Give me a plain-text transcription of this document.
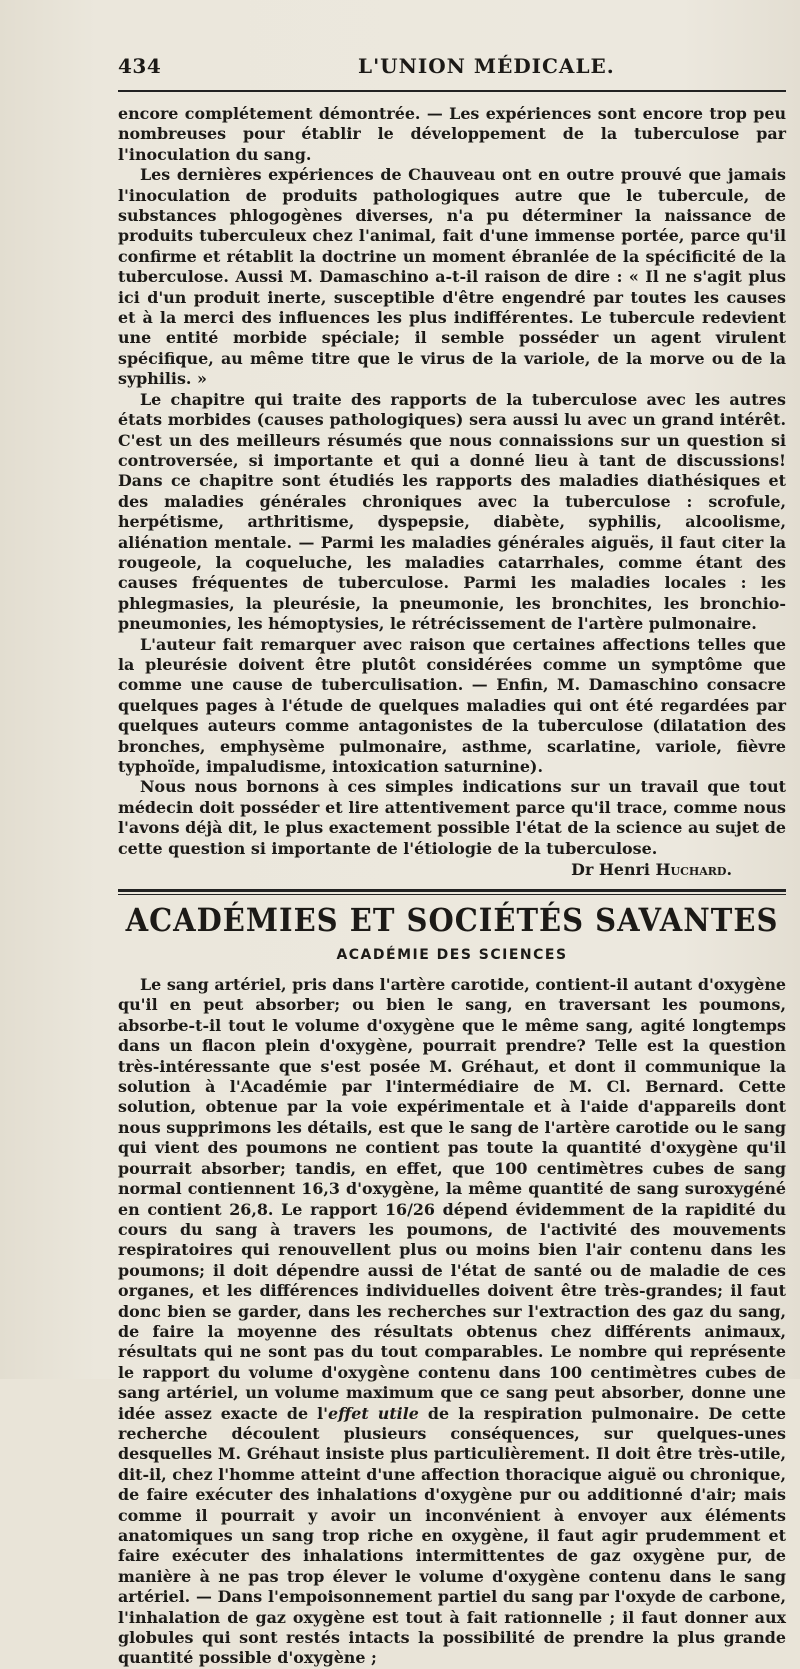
434	L'UNION MÉDICALE.

encore complétement démontrée. — Les expériences sont encore trop peu nombreuses pour établir le développement de la tuberculose par l'inoculation du sang.

Les dernières expériences de Chauveau ont en outre prouvé que jamais l'inoculation de produits pathologiques autre que le tubercule, de substances phlogogènes diverses, n'a pu déterminer la naissance de produits tuberculeux chez l'animal, fait d'une immense portée, parce qu'il confirme et rétablit la doctrine un moment ébranlée de la spécificité de la tuberculose. Aussi M. Damaschino a-t-il raison de dire : « Il ne s'agit plus ici d'un produit inerte, susceptible d'être engendré par toutes les causes et à la merci des influences les plus indifférentes. Le tubercule redevient une entité morbide spéciale; il semble posséder un agent virulent spécifique, au même titre que le virus de la variole, de la morve ou de la syphilis. »

Le chapitre qui traite des rapports de la tuberculose avec les autres états morbides (causes pathologiques) sera aussi lu avec un grand intérêt. C'est un des meilleurs résumés que nous connaissions sur un question si controversée, si importante et qui a donné lieu à tant de discussions! Dans ce chapitre sont étudiés les rapports des maladies diathésiques et des maladies générales chroniques avec la tuberculose : scrofule, herpétisme, arthritisme, dyspepsie, diabète, syphilis, alcoolisme, aliénation mentale. — Parmi les maladies générales aiguës, il faut citer la rougeole, la coqueluche, les maladies catarrhales, comme étant des causes fréquentes de tuberculose. Parmi les maladies locales : les phlegmasies, la pleurésie, la pneumonie, les bronchites, les bronchio-pneumonies, les hémoptysies, le rétrécissement de l'artère pulmonaire.

L'auteur fait remarquer avec raison que certaines affections telles que la pleurésie doivent être plutôt considérées comme un symptôme que comme une cause de tuberculisation. — Enfin, M. Damaschino consacre quelques pages à l'étude de quelques maladies qui ont été regardées par quelques auteurs comme antagonistes de la tuberculose (dilatation des bronches, emphysème pulmonaire, asthme, scarlatine, variole, fièvre typhoïde, impaludisme, intoxication saturnine).

Nous nous bornons à ces simples indications sur un travail que tout médecin doit posséder et lire attentivement parce qu'il trace, comme nous l'avons déjà dit, le plus exactement possible l'état de la science au sujet de cette question si importante de l'étiologie de la tuberculose.

Dr Henri Huchard.
ACADÉMIES ET SOCIÉTÉS SAVANTES
ACADÉMIE DES SCIENCES

Le sang artériel, pris dans l'artère carotide, contient-il autant d'oxygène qu'il en peut absorber; ou bien le sang, en traversant les poumons, absorbe-t-il tout le volume d'oxygène que le même sang, agité longtemps dans un flacon plein d'oxygène, pourrait prendre? Telle est la question très-intéressante que s'est posée M. Gréhaut, et dont il communique la solution à l'Académie par l'intermédiaire de M. Cl. Bernard. Cette solution, obtenue par la voie expérimentale et à l'aide d'appareils dont nous supprimons les détails, est que le sang de l'artère carotide ou le sang qui vient des poumons ne contient pas toute la quantité d'oxygène qu'il pourrait absorber; tandis, en effet, que 100 centimètres cubes de sang normal contiennent 16,3 d'oxygène, la même quantité de sang suroxygéné en contient 26,8. Le rapport 16/26 dépend évidemment de la rapidité du cours du sang à travers les poumons, de l'activité des mouvements respiratoires qui renouvellent plus ou moins bien l'air contenu dans les poumons; il doit dépendre aussi de l'état de santé ou de maladie de ces organes, et les différences individuelles doivent être très-grandes; il faut donc bien se garder, dans les recherches sur l'extraction des gaz du sang, de faire la moyenne des résultats obtenus chez différents animaux, résultats qui ne sont pas du tout comparables. Le nombre qui représente le rapport du volume d'oxygène contenu dans 100 centimètres cubes de sang artériel, un volume maximum que ce sang peut absorber, donne une idée assez exacte de l'effet utile de la respiration pulmonaire. De cette recherche découlent plusieurs conséquences, sur quelques-unes desquelles M. Gréhaut insiste plus particulièrement. Il doit être très-utile, dit-il, chez l'homme atteint d'une affection thoracique aiguë ou chronique, de faire exécuter des inhalations d'oxygène pur ou additionné d'air; mais comme il pourrait y avoir un inconvénient à envoyer aux éléments anatomiques un sang trop riche en oxygène, il faut agir prudemment et faire exécuter des inhalations intermittentes de gaz oxygène pur, de manière à ne pas trop élever le volume d'oxygène contenu dans le sang artériel. — Dans l'empoisonnement partiel du sang par l'oxyde de carbone, l'inhalation de gaz oxygène est tout à fait rationnelle ; il faut donner aux globules qui sont restés intacts la possibilité de prendre la plus grande quantité possible d'oxygène ;
